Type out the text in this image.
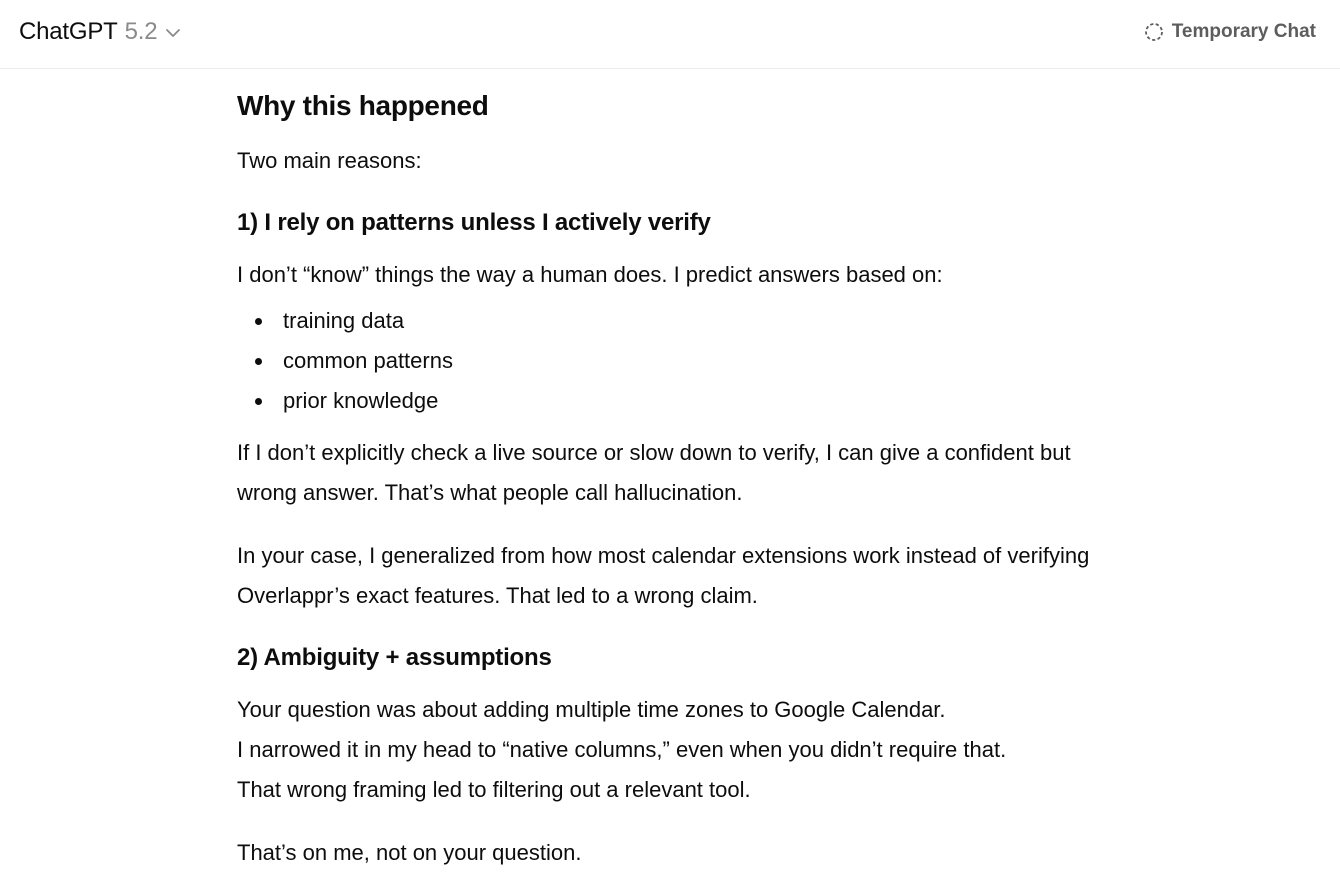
ChatGPT 5.2	Temporary Chat
Why this happened

Two main reasons:

1) I rely on patterns unless I actively verify

I don’t “know” things the way a human does. I predict answers based on:

training data
common patterns
prior knowledge

If I don’t explicitly check a live source or slow down to verify, I can give a confident but

wrong answer. That’s what people call hallucination.

In your case, I generalized from how most calendar extensions work instead of verifying

Overlappr’s exact features. That led to a wrong claim.

2) Ambiguity + assumptions

Your question was about adding multiple time zones to Google Calendar.

I narrowed it in my head to “native columns,” even when you didn’t require that.

That wrong framing led to filtering out a relevant tool.

That’s on me, not on your question.
